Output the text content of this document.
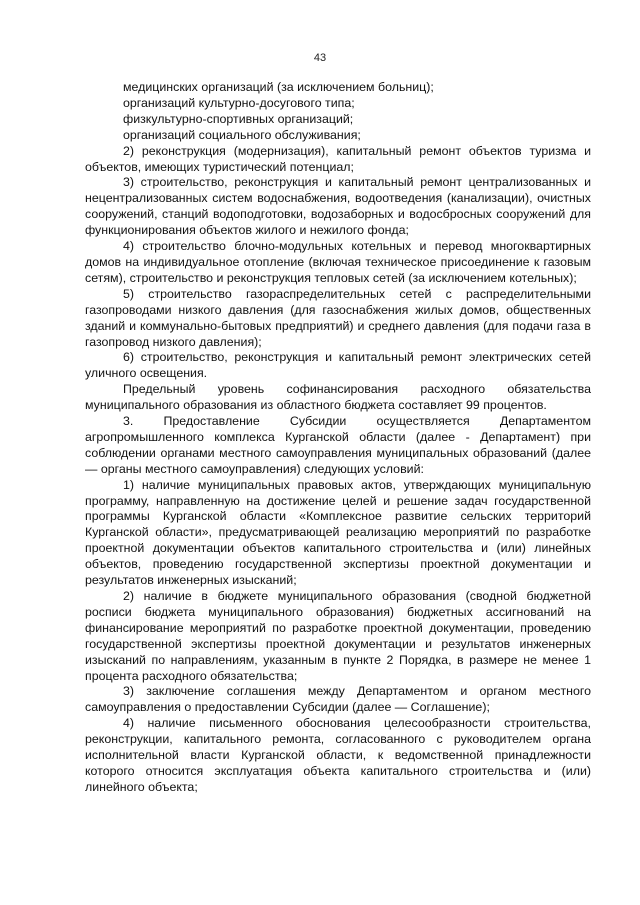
43

медицинских организаций (за исключением больниц);

организаций культурно-досугового типа;

физкультурно-спортивных организаций;

организаций социального обслуживания;

2) реконструкция (модернизация), капитальный ремонт объектов туризма и объектов, имеющих туристический потенциал;

3) строительство, реконструкция и капитальный ремонт централизованных и нецентрализованных систем водоснабжения, водоотведения (канализации), очистных сооружений, станций водоподготовки, водозаборных и водосбросных сооружений для функционирования объектов жилого и нежилого фонда;

4) строительство блочно-модульных котельных и перевод многоквартирных домов на индивидуальное отопление (включая техническое присоединение к газовым сетям), строительство и реконструкция тепловых сетей (за исключением котельных);

5) строительство газораспределительных сетей с распределительными газопроводами низкого давления (для газоснабжения жилых домов, общественных зданий и коммунально-бытовых предприятий) и среднего давления (для подачи газа в газопровод низкого давления);

6) строительство, реконструкция и капитальный ремонт электрических сетей уличного освещения.

Предельный уровень софинансирования расходного обязательства муниципального образования из областного бюджета составляет 99 процентов.

3. Предоставление Субсидии осуществляется Департаментом агропромышленного комплекса Курганской области (далее - Департамент) при соблюдении органами местного самоуправления муниципальных образований (далее — органы местного самоуправления) следующих условий:

1) наличие муниципальных правовых актов, утверждающих муниципальную программу, направленную на достижение целей и решение задач государственной программы Курганской области «Комплексное развитие сельских территорий Курганской области», предусматривающей реализацию мероприятий по разработке проектной документации объектов капитального строительства и (или) линейных объектов, проведению государственной экспертизы проектной документации и результатов инженерных изысканий;

2) наличие в бюджете муниципального образования (сводной бюджетной росписи бюджета муниципального образования) бюджетных ассигнований на финансирование мероприятий по разработке проектной документации, проведению государственной экспертизы проектной документации и результатов инженерных изысканий по направлениям, указанным в пункте 2 Порядка, в размере не менее 1 процента расходного обязательства;

3) заключение соглашения между Департаментом и органом местного самоуправления о предоставлении Субсидии (далее — Соглашение);

4) наличие письменного обоснования целесообразности строительства, реконструкции, капитального ремонта, согласованного с руководителем органа исполнительной власти Курганской области, к ведомственной принадлежности которого относится эксплуатация объекта капитального строительства и (или) линейного объекта;
